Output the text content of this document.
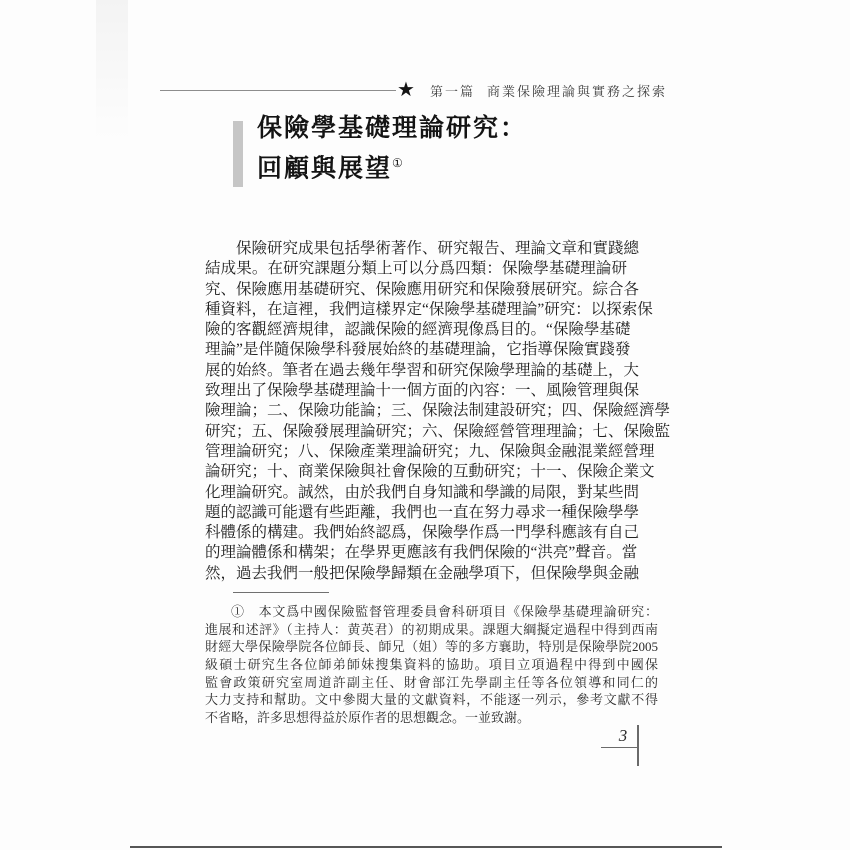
★ 第一篇 商業保險理論與實務之探索
保險學基礎理論研究：
回顧與展望①
保險研究成果包括學術著作、研究報告、理論文章和實踐總
結成果。在研究課題分類上可以分爲四類：保險學基礎理論研
究、保險應用基礎研究、保險應用研究和保險發展研究。綜合各
種資料，在這裡，我們這樣界定“保險學基礎理論”研究：以探索保
險的客觀經濟規律，認識保險的經濟現像爲目的。“保險學基礎
理論”是伴隨保險學科發展始終的基礎理論，它指導保險實踐發
展的始終。筆者在過去幾年學習和研究保險學理論的基礎上，大
致理出了保險學基礎理論十一個方面的內容：一、風險管理與保
險理論；二、保險功能論；三、保險法制建設研究；四、保險經濟學
研究；五、保險發展理論研究；六、保險經營管理理論；七、保險監
管理論研究；八、保險產業理論研究；九、保險與金融混業經營理
論研究；十、商業保險與社會保險的互動研究；十一、保險企業文
化理論研究。誠然，由於我們自身知識和學識的局限，對某些問
題的認識可能還有些距離，我們也一直在努力尋求一種保險學學
科體係的構建。我們始終認爲，保險學作爲一門學科應該有自己
的理論體係和構架；在學界更應該有我們保險的“洪亮”聲音。當
然，過去我們一般把保險學歸類在金融學項下，但保險學與金融
①　本文爲中國保險監督管理委員會科研項目《保險學基礎理論研究：
進展和述評》（主持人：黄英君）的初期成果。課題大綱擬定過程中得到西南
財經大學保險學院各位師長、師兄（姐）等的多方襄助，特別是保險學院2005
級碩士研究生各位師弟師妹搜集資料的協助。項目立項過程中得到中國保
監會政策研究室周道許副主任、財會部江先學副主任等各位領導和同仁的
大力支持和幫助。文中參閱大量的文獻資料，不能逐一列示，參考文獻不得
不省略，許多思想得益於原作者的思想觀念。一並致謝。
3
